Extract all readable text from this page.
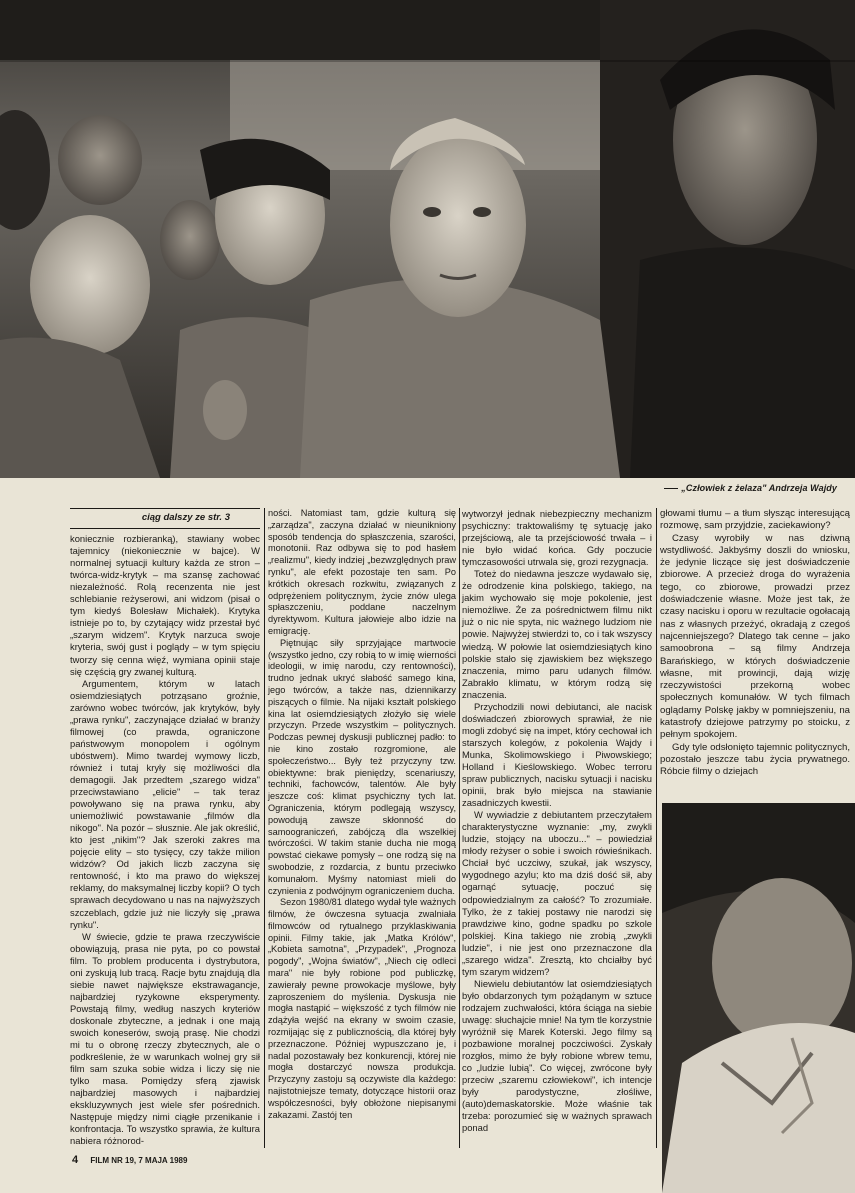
„Człowiek z żelaza" Andrzeja Wajdy
ciąg dalszy ze str. 3

koniecznie rozbieranką), stawiany wobec tajemnicy (niekoniecznie w bajce). W normalnej sytuacji kultury każda ze stron – twórca-widz-krytyk – ma szansę zachować niezależność. Rolą recenzenta nie jest schlebianie reżyserowi, ani widzom (pisał o tym kiedyś Bolesław Michałek). Krytyka istnieje po to, by czytający widz przestał być „szarym widzem". Krytyk narzuca swoje kryteria, swój gust i poglądy – w tym spięciu tworzy się cenna więź, wymiana opinii staje się częścią gry zwanej kulturą.

Argumentem, którym w latach osiemdziesiątych potrząsano groźnie, zarówno wobec twórców, jak krytyków, były „prawa rynku", zaczynające działać w branży filmowej (co prawda, ograniczone państwowym monopolem i ogólnym ubóstwem). Mimo twardej wymowy liczb, również i tutaj kryły się możliwości dla demagogii. Jak przedtem „szarego widza" przeciwstawiano „elicie" – tak teraz powoływano się na prawa rynku, aby uniemożliwić powstawanie „filmów dla nikogo". Na pozór – słusznie. Ale jak określić, kto jest „nikim"? Jak szeroki zakres ma pojęcie elity – sto tysięcy, czy także milion widzów? Od jakich liczb zaczyna się rentowność, i kto ma prawo do większej reklamy, do maksymalnej liczby kopii? O tych sprawach decydowano u nas na najwyższych szczeblach, gdzie już nie liczyły się „prawa rynku".

W świecie, gdzie te prawa rzeczywiście obowiązują, prasa nie pyta, po co powstał film. To problem producenta i dystrybutora, oni zyskują lub tracą. Racje bytu znajdują dla siebie nawet największe ekstrawagancje, najbardziej ryzykowne eksperymenty. Powstają filmy, według naszych kryteriów doskonale zbyteczne, a jednak i one mają swoich koneserów, swoją prasę. Nie chodzi mi tu o obronę rzeczy zbytecznych, ale o podkreślenie, że w warunkach wolnej gry sił film sam szuka sobie widza i liczy się nie tylko masa. Pomiędzy sferą zjawisk najbardziej masowych i najbardziej ekskluzywnych jest wiele sfer pośrednich. Następuje między nimi ciągłe przenikanie i konfrontacja. To wszystko sprawia, że kultura nabiera różnorod-

ności. Natomiast tam, gdzie kulturą się „zarządza", zaczyna działać w nieunikniony sposób tendencja do spłaszczenia, szarości, monotonii. Raz odbywa się to pod hasłem „realizmu", kiedy indziej „bezwzględnych praw rynku", ale efekt pozostaje ten sam. Po krótkich okresach rozkwitu, związanych z odprężeniem politycznym, życie znów ulega spłaszczeniu, poddane naczelnym dyrektywom. Kultura jałowieje albo idzie na emigrację.

Piętnując siły sprzyjające martwocie (wszystko jedno, czy robią to w imię wierności ideologii, w imię narodu, czy rentowności), trudno jednak ukryć słabość samego kina, jego twórców, a także nas, dziennikarzy piszących o filmie. Na nijaki kształt polskiego kina lat osiemdziesiątych złożyło się wiele przyczyn. Przede wszystkim – politycznych. Podczas pewnej dyskusji publicznej padło: to nie kino zostało rozgromione, ale społeczeństwo... Były też przyczyny tzw. obiektywne: brak pieniędzy, scenariuszy, techniki, fachowców, talentów. Ale były jeszcze coś: klimat psychiczny tych lat. Ograniczenia, którym podlegają wszyscy, powodują zawsze skłonność do samoograniczeń, zabójczą dla wszelkiej twórczości. W takim stanie ducha nie mogą powstać ciekawe pomysły – one rodzą się na swobodzie, z rozdarcia, z buntu przeciwko komunałom. Myśmy natomiast mieli do czynienia z podwójnym ograniczeniem ducha.

Sezon 1980/81 dlatego wydał tyle ważnych filmów, że ówczesna sytuacja zwalniała filmowców od rytualnego przyklaskiwania opinii. Filmy takie, jak „Matka Królów", „Kobieta samotna", „Przypadek", „Prognoza pogody", „Wojna światów", „Niech cię odleci mara" nie były robione pod publiczkę, zawierały pewne prowokacje myślowe, były zaproszeniem do myślenia. Dyskusja nie mogła nastąpić – większość z tych filmów nie zdążyła wejść na ekrany w swoim czasie, rozmijając się z publicznością, dla której były przeznaczone. Później wypuszczano je, i nadal pozostawały bez konkurencji, której nie mogła dostarczyć nowsza produkcja. Przyczyny zastoju są oczywiste dla każdego: najistotniejsze tematy, dotyczące historii oraz współczesności, były obłożone niepisanymi zakazami. Zastój ten

wytworzył jednak niebezpieczny mechanizm psychiczny: traktowaliśmy tę sytuację jako przejściową, ale ta przejściowość trwała – i nie było widać końca. Gdy poczucie tymczasowości utrwala się, grozi rezygnacja.

Toteż do niedawna jeszcze wydawało się, że odrodzenie kina polskiego, takiego, na jakim wychowało się moje pokolenie, jest niemożliwe. Że za pośrednictwem filmu nikt już o nic nie spyta, nic ważnego ludziom nie powie. Najwyżej stwierdzi to, co i tak wszyscy wiedzą. W połowie lat osiemdziesiątych kino polskie stało się zjawiskiem bez większego znaczenia, mimo paru udanych filmów. Zabrakło klimatu, w którym rodzą się znaczenia.

Przychodzili nowi debiutanci, ale nacisk doświadczeń zbiorowych sprawiał, że nie mogli zdobyć się na impet, który cechował ich starszych kolegów, z pokolenia Wajdy i Munka, Skolimowskiego i Piwowskiego; Holland i Kieślowskiego. Wobec terroru spraw publicznych, nacisku sytuacji i nacisku opinii, brak było miejsca na stawianie zasadniczych kwestii.

W wywiadzie z debiutantem przeczytałem charakterystyczne wyznanie: „my, zwykli ludzie, stojący na uboczu..." – powiedział młody reżyser o sobie i swoich rówieśnikach. Chciał być uczciwy, szukał, jak wszyscy, wygodnego azylu; kto ma dziś dość sił, aby ogarnąć sytuację, poczuć się odpowiedzialnym za całość? To zrozumiałe. Tylko, że z takiej postawy nie narodzi się prawdziwe kino, godne spadku po szkole polskiej. Kina takiego nie zrobią „zwykli ludzie", i nie jest ono przeznaczone dla „szarego widza". Zresztą, kto chciałby być tym szarym widzem?

Niewielu debiutantów lat osiemdziesiątych było obdarzonych tym pożądanym w sztuce rodzajem zuchwałości, która ściąga na siebie uwagę: słuchajcie mnie! Na tym tle korzystnie wyróżnił się Marek Koterski. Jego filmy są pozbawione moralnej poczciwości. Zyskały rozgłos, mimo że były robione wbrew temu, co „ludzie lubią". Co więcej, zwrócone były przeciw „szaremu człowiekowi", ich intencje były parodystyczne, złośliwe, (auto)demaskatorskie. Może właśnie tak trzeba: porozumieć się w ważnych sprawach ponad

głowami tłumu – a tłum słysząc interesującą rozmowę, sam przyjdzie, zaciekawiony?

Czasy wyrobiły w nas dziwną wstydliwość. Jakbyśmy doszli do wniosku, że jedynie liczące się jest doświadczenie zbiorowe. A przecież droga do wyrażenia tego, co zbiorowe, prowadzi przez doświadczenie własne. Może jest tak, że czasy nacisku i oporu w rezultacie ogołacają nas z własnych przeżyć, okradają z czegoś najcenniejszego? Dlatego tak cenne – jako samoobrona – są filmy Andrzeja Barańskiego, w których doświadczenie własne, mit prowincji, dają wizję rzeczywistości przekorną wobec społecznych komunałów. W tych filmach oglądamy Polskę jakby w pomniejszeniu, na katastrofy dziejowe patrzymy po stoicku, z pełnym spokojem.

Gdy tyle odsłonięto tajemnic politycznych, pozostało jeszcze tabu życia prywatnego. Róbcie filmy o dziejach

4 FILM NR 19, 7 MAJA 1989
